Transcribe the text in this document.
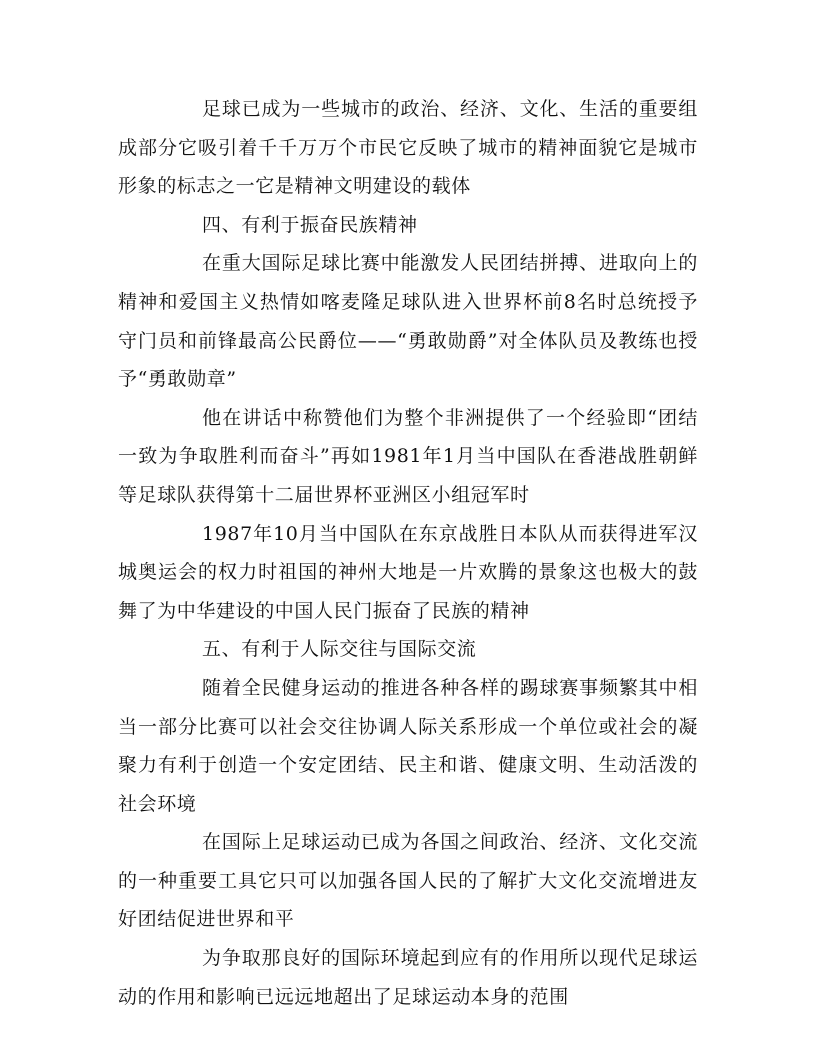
足球已成为一些城市的政治、经济、文化、生活的重要组成部分它吸引着千千万万个市民它反映了城市的精神面貌它是城市形象的标志之一它是精神文明建设的载体

四、有利于振奋民族精神

在重大国际足球比赛中能激发人民团结拼搏、进取向上的精神和爱国主义热情如喀麦隆足球队进入世界杯前8名时总统授予守门员和前锋最高公民爵位——“勇敢勋爵”对全体队员及教练也授予“勇敢勋章”

他在讲话中称赞他们为整个非洲提供了一个经验即“团结一致为争取胜利而奋斗”再如1981年1月当中国队在香港战胜朝鲜等足球队获得第十二届世界杯亚洲区小组冠军时

1987年10月当中国队在东京战胜日本队从而获得进军汉城奥运会的权力时祖国的神州大地是一片欢腾的景象这也极大的鼓舞了为中华建设的中国人民门振奋了民族的精神

五、有利于人际交往与国际交流

随着全民健身运动的推进各种各样的踢球赛事频繁其中相当一部分比赛可以社会交往协调人际关系形成一个单位或社会的凝聚力有利于创造一个安定团结、民主和谐、健康文明、生动活泼的社会环境

在国际上足球运动已成为各国之间政治、经济、文化交流的一种重要工具它只可以加强各国人民的了解扩大文化交流增进友好团结促进世界和平

为争取那良好的国际环境起到应有的作用所以现代足球运动的作用和影响已远远地超出了足球运动本身的范围
